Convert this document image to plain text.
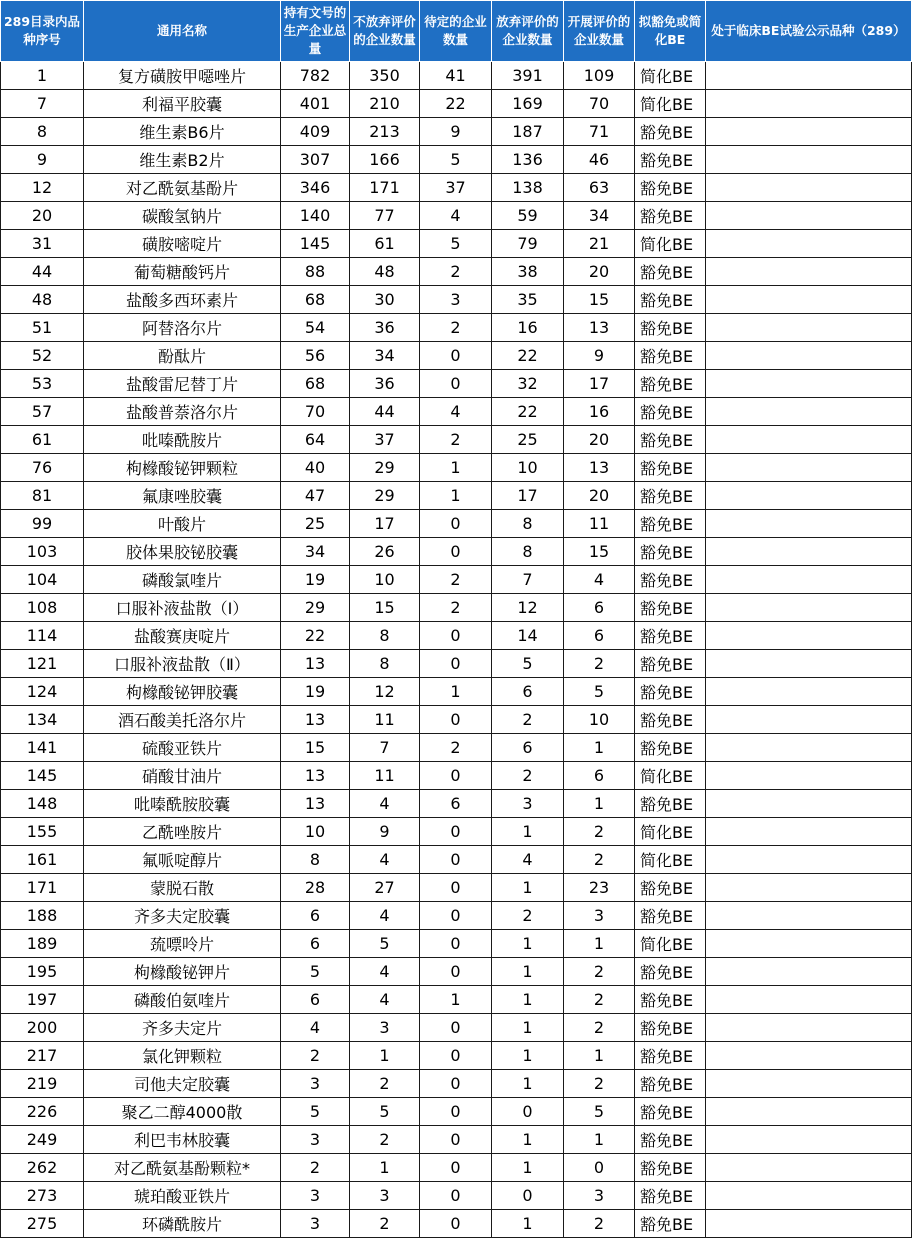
289目录内品种序号	通用名称	持有文号的生产企业总量	不放弃评价的企业数量	待定的企业数量	放弃评价的企业数量	开展评价的企业数量	拟豁免或简化BE	处于临床BE试验公示品种（289）
1	复方磺胺甲噁唑片	782	350	41	391	109	简化BE	
7	利福平胶囊	401	210	22	169	70	简化BE	
8	维生素B6片	409	213	9	187	71	豁免BE	
9	维生素B2片	307	166	5	136	46	豁免BE	
12	对乙酰氨基酚片	346	171	37	138	63	豁免BE	
20	碳酸氢钠片	140	77	4	59	34	豁免BE	
31	磺胺嘧啶片	145	61	5	79	21	简化BE	
44	葡萄糖酸钙片	88	48	2	38	20	豁免BE	
48	盐酸多西环素片	68	30	3	35	15	豁免BE	
51	阿替洛尔片	54	36	2	16	13	豁免BE	
52	酚酞片	56	34	0	22	9	豁免BE	
53	盐酸雷尼替丁片	68	36	0	32	17	豁免BE	
57	盐酸普萘洛尔片	70	44	4	22	16	豁免BE	
61	吡嗪酰胺片	64	37	2	25	20	豁免BE	
76	枸橼酸铋钾颗粒	40	29	1	10	13	豁免BE	
81	氟康唑胶囊	47	29	1	17	20	豁免BE	
99	叶酸片	25	17	0	8	11	豁免BE	
103	胶体果胶铋胶囊	34	26	0	8	15	豁免BE	
104	磷酸氯喹片	19	10	2	7	4	豁免BE	
108	口服补液盐散（Ⅰ）	29	15	2	12	6	豁免BE	
114	盐酸赛庚啶片	22	8	0	14	6	豁免BE	
121	口服补液盐散（Ⅱ）	13	8	0	5	2	豁免BE	
124	枸橼酸铋钾胶囊	19	12	1	6	5	豁免BE	
134	酒石酸美托洛尔片	13	11	0	2	10	豁免BE	
141	硫酸亚铁片	15	7	2	6	1	豁免BE	
145	硝酸甘油片	13	11	0	2	6	简化BE	
148	吡嗪酰胺胶囊	13	4	6	3	1	豁免BE	
155	乙酰唑胺片	10	9	0	1	2	简化BE	
161	氟哌啶醇片	8	4	0	4	2	简化BE	
171	蒙脱石散	28	27	0	1	23	豁免BE	
188	齐多夫定胶囊	6	4	0	2	3	豁免BE	
189	巯嘌呤片	6	5	0	1	1	简化BE	
195	枸橼酸铋钾片	5	4	0	1	2	豁免BE	
197	磷酸伯氨喹片	6	4	1	1	2	豁免BE	
200	齐多夫定片	4	3	0	1	2	豁免BE	
217	氯化钾颗粒	2	1	0	1	1	豁免BE	
219	司他夫定胶囊	3	2	0	1	2	豁免BE	
226	聚乙二醇4000散	5	5	0	0	5	豁免BE	
249	利巴韦林胶囊	3	2	0	1	1	豁免BE	
262	对乙酰氨基酚颗粒*	2	1	0	1	0	豁免BE	
273	琥珀酸亚铁片	3	3	0	0	3	豁免BE	
275	环磷酰胺片	3	2	0	1	2	豁免BE	
